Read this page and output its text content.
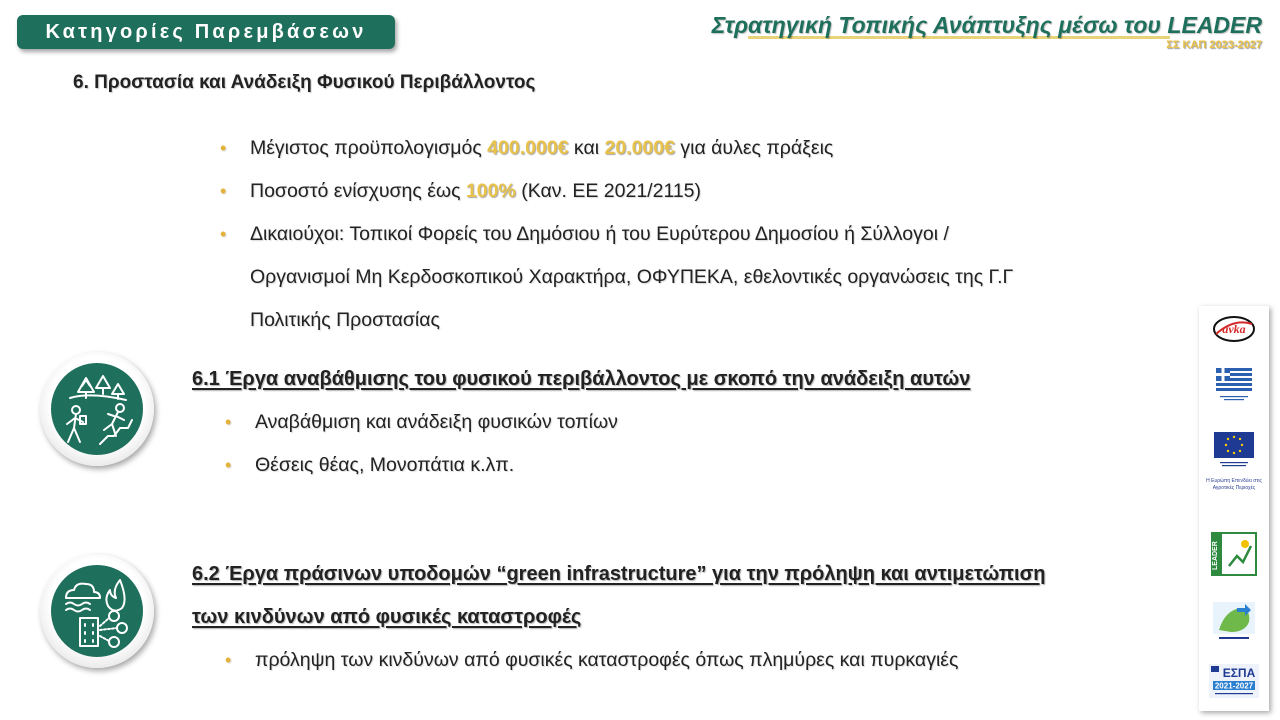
Κατηγορίες Παρεμβάσεων	Στρατηγική Τοπικής Ανάπτυξης μέσω του LEADER
ΣΣ ΚΑΠ 2023-2027
6. Προστασία και Ανάδειξη Φυσικού Περιβάλλοντος
• Μέγιστος προϋπολογισμός 400.000€ και 20.000€ για άυλες πράξεις
• Ποσοστό ενίσχυσης έως 100% (Καν. ΕΕ 2021/2115)
• Δικαιούχοι: Τοπικοί Φορείς του Δημόσιου ή του Ευρύτερου Δημοσίου ή Σύλλογοι /
Οργανισμοί Μη Κερδοσκοπικού Χαρακτήρα, ΟΦΥΠΕΚΑ, εθελοντικές οργανώσεις της Γ.Γ
Πολιτικής Προστασίας
6.1 Έργα αναβάθμισης του φυσικού περιβάλλοντος με σκοπό την ανάδειξη αυτών
• Αναβάθμιση και ανάδειξη φυσικών τοπίων
• Θέσεις θέας, Μονοπάτια κ.λπ.
6.2 Έργα πράσινων υποδομών “green infrastructure” για την πρόληψη και αντιμετώπιση
των κινδύνων από φυσικές καταστροφές
• πρόληψη των κινδύνων από φυσικές καταστροφές όπως πλημύρες και πυρκαγιές
avka
Η Ευρώπη Επενδύει στις Αγροτικές Περιοχές
LEADER
ΕΣΠΑ
2021-2027
